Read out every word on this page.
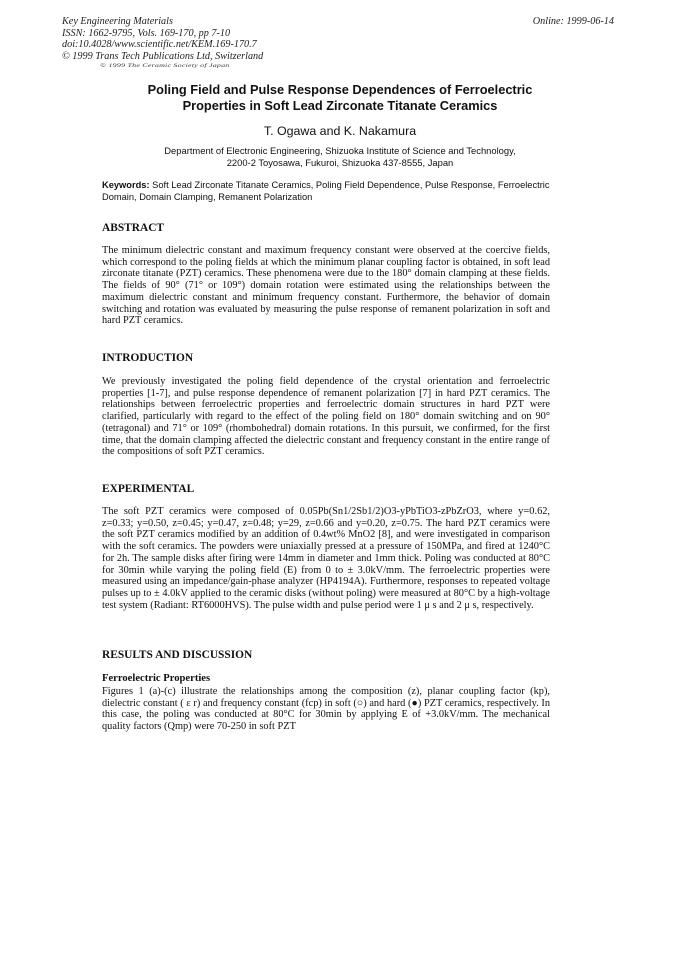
Key Engineering Materials
ISSN: 1662-9795, Vols. 169-170, pp 7-10
doi:10.4028/www.scientific.net/KEM.169-170.7
© 1999 Trans Tech Publications Ltd, Switzerland
Online: 1999-06-14
© 1999 The Ceramic Society of Japan
Poling Field and Pulse Response Dependences of Ferroelectric
Properties in Soft Lead Zirconate Titanate Ceramics
T. Ogawa and K. Nakamura
Department of Electronic Engineering, Shizuoka Institute of Science and Technology,
2200-2 Toyosawa, Fukuroi, Shizuoka 437-8555, Japan
Keywords: Soft Lead Zirconate Titanate Ceramics, Poling Field Dependence, Pulse Response, Ferroelectric Domain, Domain Clamping, Remanent Polarization
ABSTRACT
The minimum dielectric constant and maximum frequency constant were observed at the coercive fields, which correspond to the poling fields at which the minimum planar coupling factor is obtained, in soft lead zirconate titanate (PZT) ceramics. These phenomena were due to the 180° domain clamping at these fields. The fields of 90° (71° or 109°) domain rotation were estimated using the relationships between the maximum dielectric constant and minimum frequency constant. Furthermore, the behavior of domain switching and rotation was evaluated by measuring the pulse response of remanent polarization in soft and hard PZT ceramics.
INTRODUCTION
We previously investigated the poling field dependence of the crystal orientation and ferroelectric properties [1-7], and pulse response dependence of remanent polarization [7] in hard PZT ceramics. The relationships between ferroelectric properties and ferroelectric domain structures in hard PZT were clarified, particularly with regard to the effect of the poling field on 180° domain switching and on 90° (tetragonal) and 71° or 109° (rhombohedral) domain rotations. In this pursuit, we confirmed, for the first time, that the domain clamping affected the dielectric constant and frequency constant in the entire range of the compositions of soft PZT ceramics.
EXPERIMENTAL
The soft PZT ceramics were composed of 0.05Pb(Sn1/2Sb1/2)O3-yPbTiO3-zPbZrO3, where y=0.62, z=0.33; y=0.50, z=0.45; y=0.47, z=0.48; y=29, z=0.66 and y=0.20, z=0.75. The hard PZT ceramics were the soft PZT ceramics modified by an addition of 0.4wt% MnO2 [8], and were investigated in comparison with the soft ceramics. The powders were uniaxially pressed at a pressure of 150MPa, and fired at 1240°C for 2h. The sample disks after firing were 14mm in diameter and 1mm thick. Poling was conducted at 80°C for 30min while varying the poling field (E) from 0 to ± 3.0kV/mm. The ferroelectric properties were measured using an impedance/gain-phase analyzer (HP4194A). Furthermore, responses to repeated voltage pulses up to ± 4.0kV applied to the ceramic disks (without poling) were measured at 80°C by a high-voltage test system (Radiant: RT6000HVS). The pulse width and pulse period were 1 μ s and 2 μ s, respectively.
RESULTS AND DISCUSSION
Ferroelectric Properties
Figures 1 (a)-(c) illustrate the relationships among the composition (z), planar coupling factor (kp), dielectric constant ( ε r) and frequency constant (fcp) in soft (○) and hard (●) PZT ceramics, respectively. In this case, the poling was conducted at 80°C for 30min by applying E of +3.0kV/mm. The mechanical quality factors (Qmp) were 70-250 in soft PZT
